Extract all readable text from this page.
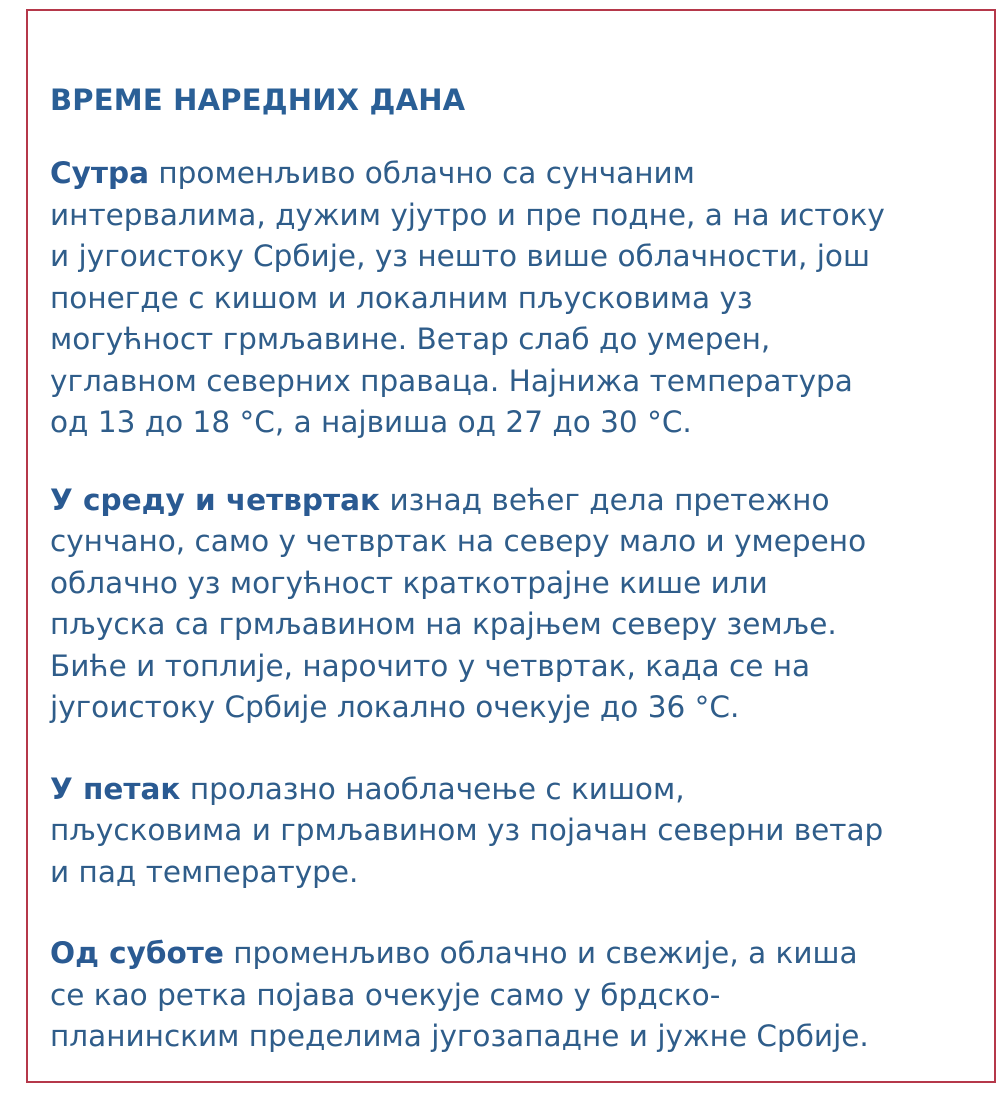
ВРЕМЕ НАРЕДНИХ ДАНА

Сутра променљиво облачно са сунчаним
интервалима, дужим ујутро и пре подне, а на истоку
и југоистоку Србије, уз нешто више облачности, још
понегде с кишом и локалним пљусковима уз
могућност грмљавине. Ветар слаб до умерен,
углавном северних праваца. Најнижа температура
од 13 до 18 °C, а највиша од 27 до 30 °C.

У среду и четвртак изнад већег дела претежно
сунчано, само у четвртак на северу мало и умерено
облачно уз могућност краткотрајне кише или
пљуска са грмљавином на крајњем северу земље.
Биће и топлије, нарочито у четвртак, када се на
југоистоку Србије локално очекује до 36 °C.

У петак пролазно наоблачење с кишом,
пљусковима и грмљавином уз појачан северни ветар
и пад температуре.

Од суботе променљиво облачно и свежије, а киша
се као ретка појава очекује само у брдско-
планинским пределима југозападне и јужне Србије.
